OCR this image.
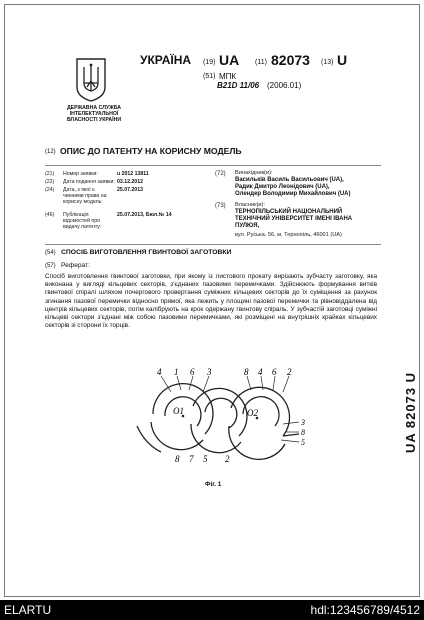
ДЕРЖАВНА СЛУЖБА ІНТЕЛЕКТУАЛЬНОЇ ВЛАСНОСТІ УКРАЇНИ
УКРАЇНА (19) UA (11) 82073 (13) U
(51) МПК
B21D 11/06 (2006.01)
(12) ОПИС ДО ПАТЕНТУ НА КОРИСНУ МОДЕЛЬ
(21) Номер заявки:	u 2012 13811
(22) Дата подання заявки: 03.12.2012
(24) Дата, з якої є чинними права на корисну модель:
25.07.2013
(46) Публікація відомостей про видачу патенту:
25.07.2013, Бюл.№ 14
(72) Винахідник(и):
Васильків Василь Васильович (UA),
Радик Дмитро Леонідович (UA),
Олендер Володимир Михайлович (UA)
(73) Власник(и):
ТЕРНОПІЛЬСЬКИЙ НАЦІОНАЛЬНИЙ
ТЕХНІЧНИЙ УНІВЕРСИТЕТ ІМЕНІ ІВАНА
ПУЛЮЯ,
вул. Руська, 56, м. Тернопіль, 46001 (UA)
(54) СПОСІБ ВИГОТОВЛЕННЯ ГВИНТОВОЇ ЗАГОТОВКИ
(57) Реферат:
Спосіб виготовлення гвинтової заготовки, при якому із листового прокату вирізають зубчасту заготовку, яка виконана у вигляді кільцевих секторів, з'єднаних пазовими перемичками. Здійснюють формування витків гвинтової спіралі шляхом почергового провертання суміжних кільцевих секторів до їх суміщення за рахунок згинання пазової перемички відносно прямої, яка лежить у площині пазової перемички та рівновіддалена від центрів кільцевих секторів, потім калібрують на крок одержану гвинтову спіраль. У зубчастій заготовці суміжні кільцеві сектори з'єднані між собою пазовими перемичками, які розміщені на внутрішніх крайках кільцевих секторів зі сторони їх торців.
4 1 6 3	8 4 6 2
3
8
5
8 7 5 2
O1	O2
Фіг. 1
UA 82073 U
ELARTU	hdl:123456789/4512
